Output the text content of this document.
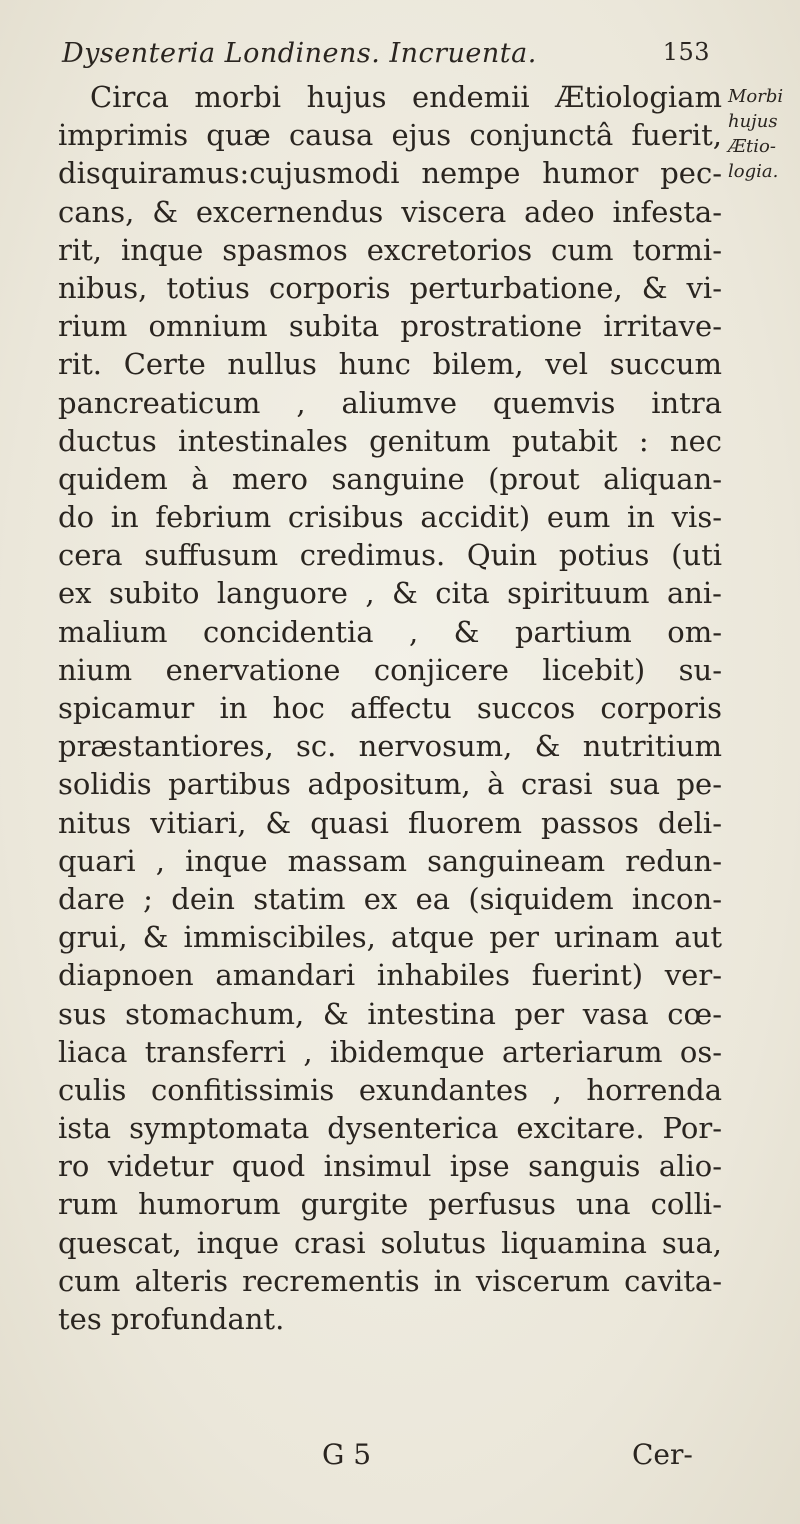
Dysenteria Londinens. Incruenta.	153
Morbi
hujus
Ætio-
logia.
Circa morbi hujus endemii Ætiologiam
imprimis quæ causa ejus conjunctâ fuerit,
disquiramus:cujusmodi nempe humor pec-
cans, & excernendus viscera adeo infesta-
rit, inque spasmos excretorios cum tormi-
nibus, totius corporis perturbatione, & vi-
rium omnium subita prostratione irritave-
rit. Certe nullus hunc bilem, vel succum
pancreaticum , aliumve quemvis intra
ductus intestinales genitum putabit : nec
quidem à mero sanguine (prout aliquan-
do in febrium crisibus accidit) eum in vis-
cera suffusum credimus. Quin potius (uti
ex subito languore , & cita spirituum ani-
malium concidentia , & partium om-
nium enervatione conjicere licebit) su-
spicamur in hoc affectu succos corporis
præstantiores, sc. nervosum, & nutritium
solidis partibus adpositum, à crasi sua pe-
nitus vitiari, & quasi fluorem passos deli-
quari , inque massam sanguineam redun-
dare ; dein statim ex ea (siquidem incon-
grui, & immiscibiles, atque per urinam aut
diapnoen amandari inhabiles fuerint) ver-
sus stomachum, & intestina per vasa cœ-
liaca transferri , ibidemque arteriarum os-
culis confitissimis exundantes , horrenda
ista symptomata dysenterica excitare. Por-
ro videtur quod insimul ipse sanguis alio-
rum humorum gurgite perfusus una colli-
quescat, inque crasi solutus liquamina sua,
cum alteris recrementis in viscerum cavita-
tes profundant.
G 5	Cer-
